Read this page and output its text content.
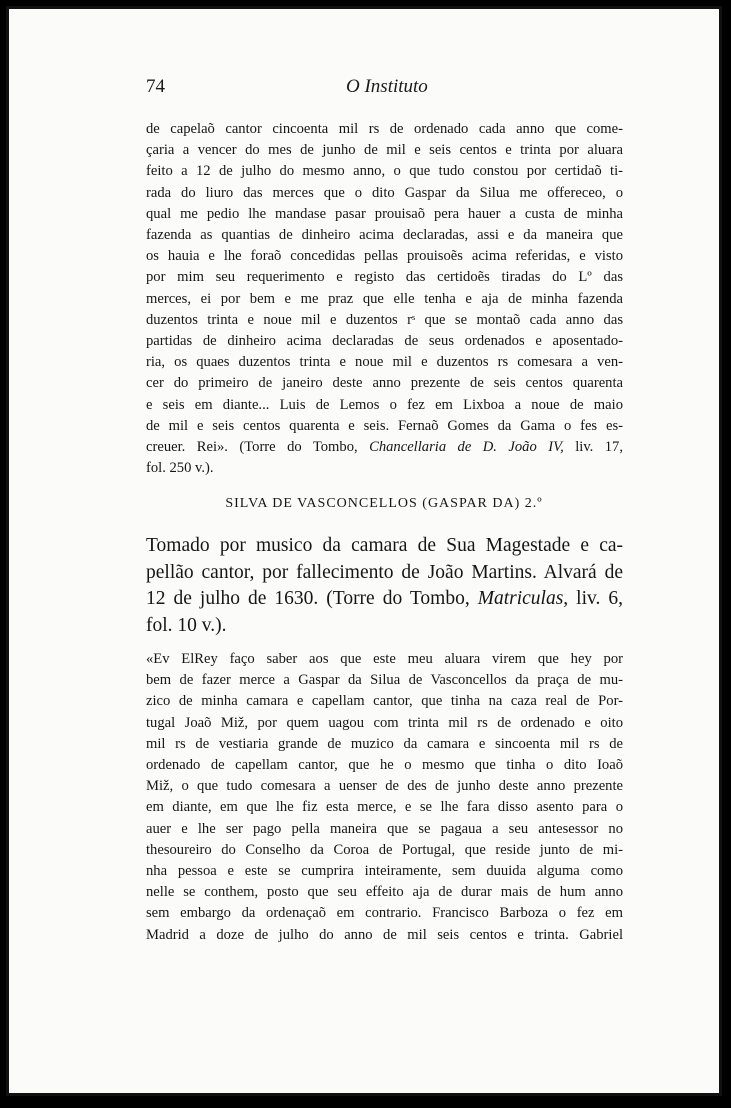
74	O Instituto
de capelaõ cantor cincoenta mil rs de ordenado cada anno que come-
çaria a vencer do mes de junho de mil e seis centos e trinta por aluara
feito a 12 de julho do mesmo anno, o que tudo constou por certidaõ ti-
rada do liuro das merces que o dito Gaspar da Silua me offereceo, o
qual me pedio lhe mandase pasar prouisaõ pera hauer a custa de minha
fazenda as quantias de dinheiro acima declaradas, assi e da maneira que
os hauia e lhe foraõ concedidas pellas prouisoẽs acima referidas, e visto
por mim seu requerimento e registo das certidoẽs tiradas do Lº das
merces, ei por bem e me praz que elle tenha e aja de minha fazenda
duzentos trinta e noue mil e duzentos rˢ que se montaõ cada anno das
partidas de dinheiro acima declaradas de seus ordenados e aposentado-
ria, os quaes duzentos trinta e noue mil e duzentos rs comesara a ven-
cer do primeiro de janeiro deste anno prezente de seis centos quarenta
e seis em diante... Luis de Lemos o fez em Lixboa a noue de maio
de mil e seis centos quarenta e seis. Fernaõ Gomes da Gama o fes es-
creuer. Rei». (Torre do Tombo, Chancellaria de D. João IV, liv. 17,
fol. 250 v.).
SILVA DE VASCONCELLOS (GASPAR DA) 2.º
Tomado por musico da camara de Sua Magestade e ca-
pellão cantor, por fallecimento de João Martins. Alvará de
12 de julho de 1630. (Torre do Tombo, Matriculas, liv. 6,
fol. 10 v.).
«Ev ElRey faço saber aos que este meu aluara virem que hey por
bem de fazer merce a Gaspar da Silua de Vasconcellos da praça de mu-
zico de minha camara e capellam cantor, que tinha na caza real de Por-
tugal Joaõ Miž, por quem uagou com trinta mil rs de ordenado e oito
mil rs de vestiaria grande de muzico da camara e sincoenta mil rs de
ordenado de capellam cantor, que he o mesmo que tinha o dito Ioaõ
Miž, o que tudo comesara a uenser de des de junho deste anno prezente
em diante, em que lhe fiz esta merce, e se lhe fara disso asento para o
auer e lhe ser pago pella maneira que se pagaua a seu antesessor no
thesoureiro do Conselho da Coroa de Portugal, que reside junto de mi-
nha pessoa e este se cumprira inteiramente, sem duuida alguma como
nelle se conthem, posto que seu effeito aja de durar mais de hum anno
sem embargo da ordenaçaõ em contrario. Francisco Barboza o fez em
Madrid a doze de julho do anno de mil seis centos e trinta. Gabriel
